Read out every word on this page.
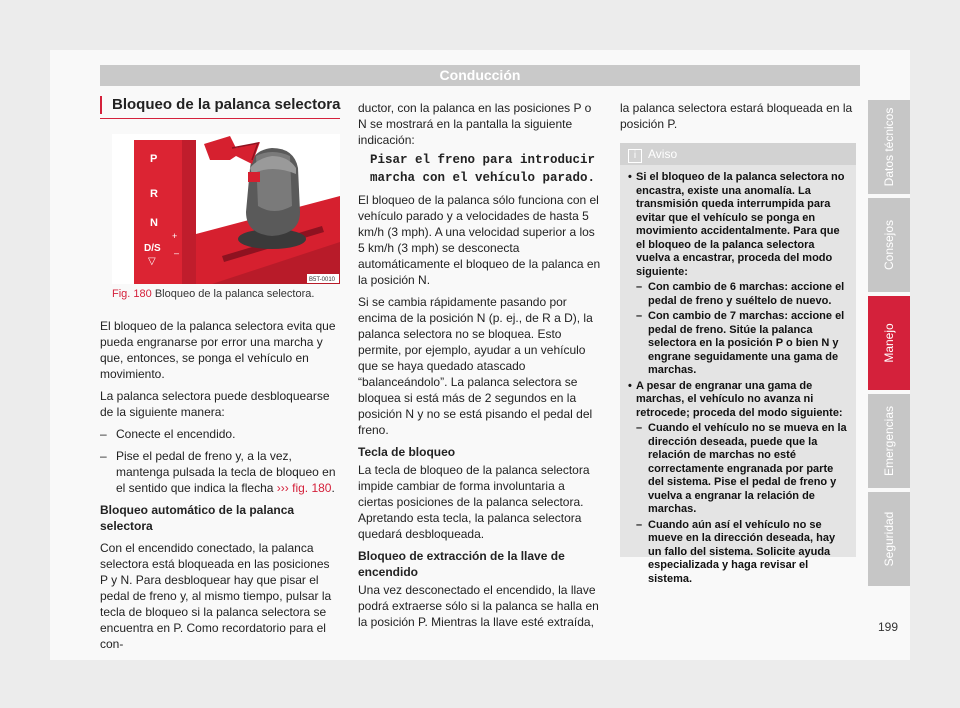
Conducción
Bloqueo de la palanca selectora
P
R
N
D/S
▽
+
–
B5T-0010
Fig. 180 Bloqueo de la palanca selectora.

El bloqueo de la palanca selectora evita que pueda engranarse por error una marcha y que, entonces, se ponga el vehículo en movimiento.

La palanca selectora puede desbloquearse de la siguiente manera:

– Conecte el encendido.

– Pise el pedal de freno y, a la vez, mantenga pulsada la tecla de bloqueo en el sentido que indica la flecha ››› fig. 180.

Bloqueo automático de la palanca selectora

Con el encendido conectado, la palanca selectora está bloqueada en las posiciones P y N. Para desbloquear hay que pisar el pedal de freno y, al mismo tiempo, pulsar la tecla de bloqueo si la palanca selectora se encuentra en P. Como recordatorio para el con-

ductor, con la palanca en las posiciones P o N se mostrará en la pantalla la siguiente indicación:

Pisar el freno para introducir
marcha con el vehículo parado.

El bloqueo de la palanca sólo funciona con el vehículo parado y a velocidades de hasta 5 km/h (3 mph). A una velocidad superior a los 5 km/h (3 mph) se desconecta automáticamente el bloqueo de la palanca en la posición N.

Si se cambia rápidamente pasando por encima de la posición N (p. ej., de R a D), la palanca selectora no se bloquea. Esto permite, por ejemplo, ayudar a un vehículo que se haya quedado atascado “balanceándolo”. La palanca selectora se bloquea si está más de 2 segundos en la posición N y no se está pisando el pedal del freno.

Tecla de bloqueo

La tecla de bloqueo de la palanca selectora impide cambiar de forma involuntaria a ciertas posiciones de la palanca selectora. Apretando esta tecla, la palanca selectora quedará desbloqueada.

Bloqueo de extracción de la llave de encendido

Una vez desconectado el encendido, la llave podrá extraerse sólo si la palanca se halla en la posición P. Mientras la llave esté extraída,

la palanca selectora estará bloqueada en la posición P.

i Aviso

• Si el bloqueo de la palanca selectora no encastra, existe una anomalía. La transmisión queda interrumpida para evitar que el vehículo se ponga en movimiento accidentalmente. Para que el bloqueo de la palanca selectora vuelva a encastrar, proceda del modo siguiente:

– Con cambio de 6 marchas: accione el pedal de freno y suéltelo de nuevo.

– Con cambio de 7 marchas: accione el pedal de freno. Sitúe la palanca selectora en la posición P o bien N y engrane seguidamente una gama de marchas.

• A pesar de engranar una gama de marchas, el vehículo no avanza ni retrocede; proceda del modo siguiente:

– Cuando el vehículo no se mueva en la dirección deseada, puede que la relación de marchas no esté correctamente engranada por parte del sistema. Pise el pedal de freno y vuelva a engranar la relación de marchas.

– Cuando aún así el vehículo no se mueve en la dirección deseada, hay un fallo del sistema. Solicite ayuda especializada y haga revisar el sistema.

Datos técnicos
Consejos
Manejo
Emergencias
Seguridad
199
